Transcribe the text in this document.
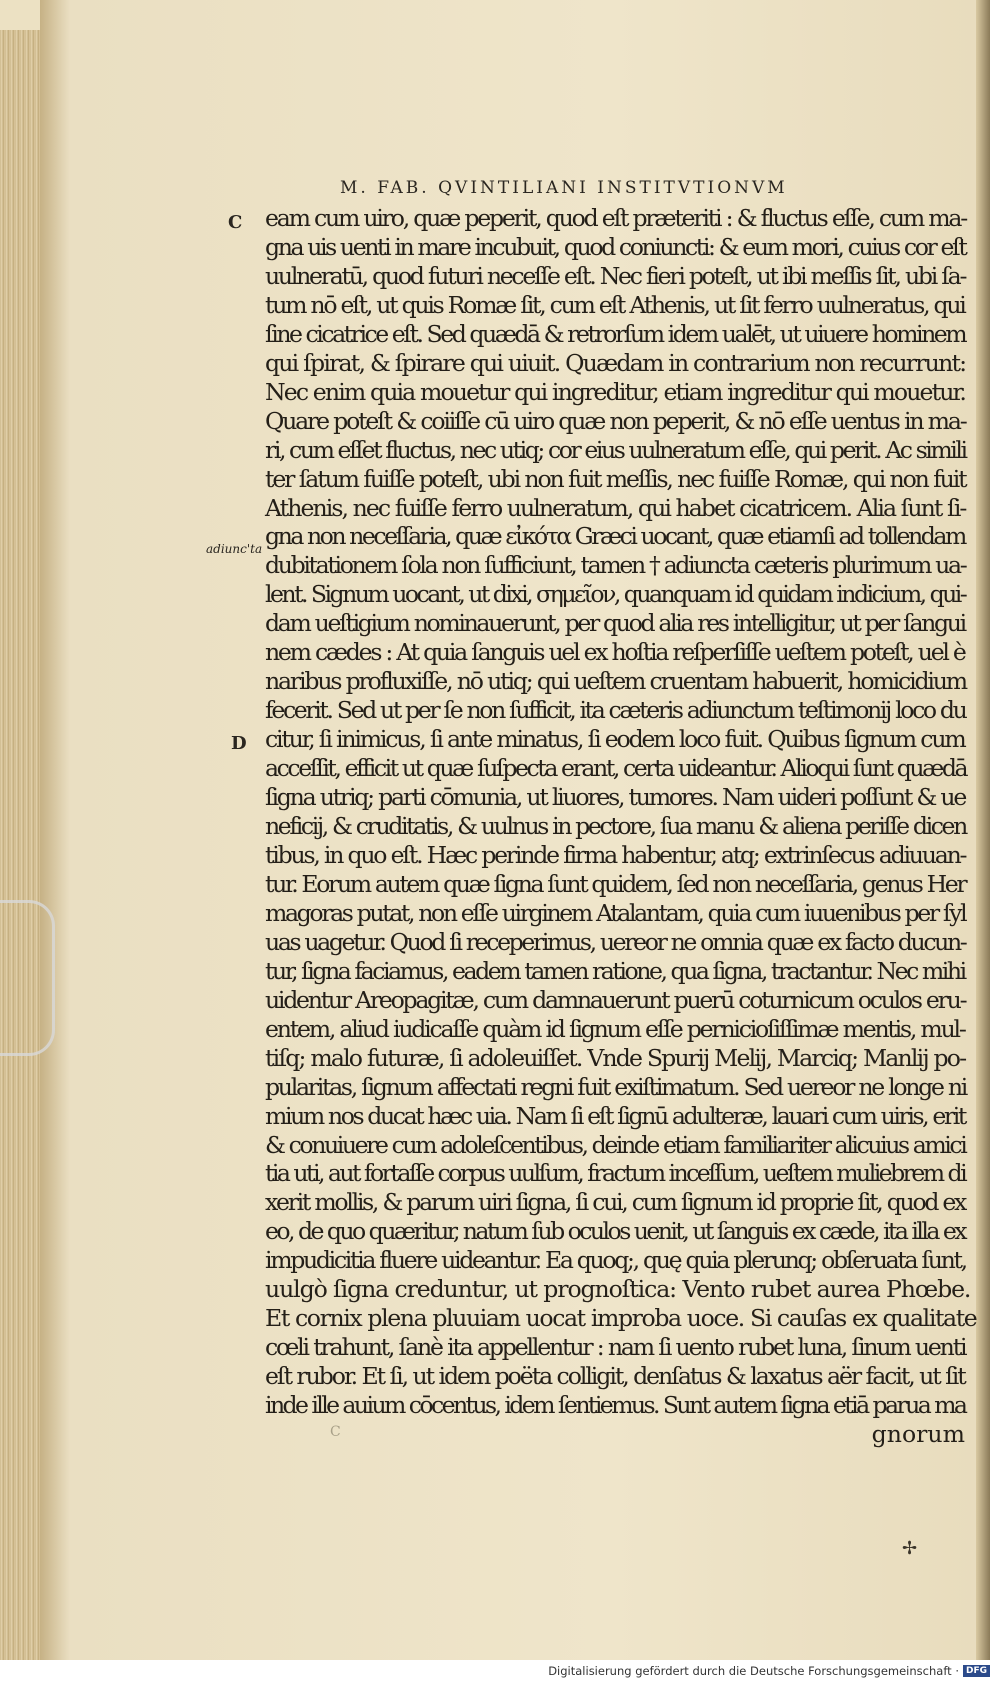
M. FAB. QVINTILIANI INSTITVTIONVM
C
D
adiunc'ta
eam cum uiro, quæ peperit, quod eſt præteriti : & fluctus eſſe, cum ma-
gna uis uenti in mare incubuit, quod coniuncti: & eum mori, cuius cor eſt
uulneratū, quod futuri neceſſe eſt. Nec fieri poteſt, ut ibi meſſis ſit, ubi ſa-
tum nō eſt, ut quis Romæ ſit, cum eſt Athenis, ut ſit ferro uulneratus, qui
ſine cicatrice eſt. Sed quædā & retrorſum idem ualēt, ut uiuere hominem
qui ſpirat, & ſpirare qui uiuit. Quædam in contrarium non recurrunt:
Nec enim quia mouetur qui ingreditur, etiam ingreditur qui mouetur.
Quare poteſt & coiiſſe cū uiro quæ non peperit, & nō eſſe uentus in ma-
ri, cum eſſet fluctus, nec utiq; cor eius uulneratum eſſe, qui perit. Ac simili
ter ſatum fuiſſe poteſt, ubi non fuit meſſis, nec fuiſſe Romæ, qui non fuit
Athenis, nec fuiſſe ferro uulneratum, qui habet cicatricem. Alia ſunt ſi-
gna non neceſſaria, quæ εἰκότα Græci uocant, quæ etiamſi ad tollendam
dubitationem ſola non ſufficiunt, tamen † adiuncta cæteris plurimum ua-
lent. Signum uocant, ut dixi, σημεῖον, quanquam id quidam indicium, qui-
dam ueſtigium nominauerunt, per quod alia res intelligitur, ut per ſangui
nem cædes : At quia ſanguis uel ex hoſtia reſperſiſſe ueſtem poteſt, uel è
naribus profluxiſſe, nō utiq; qui ueſtem cruentam habuerit, homicidium
fecerit. Sed ut per ſe non ſufficit, ita cæteris adiunctum teſtimonij loco du
citur, ſi inimicus, ſi ante minatus, ſi eodem loco fuit. Quibus ſignum cum
acceſſit, efficit ut quæ ſuſpecta erant, certa uideantur. Alioqui ſunt quædā
ſigna utriq; parti cōmunia, ut liuores, tumores. Nam uideri poſſunt & ue
neficij, & cruditatis, & uulnus in pectore, ſua manu & aliena periſſe dicen
tibus, in quo eſt. Hæc perinde firma habentur, atq; extrinſecus adiuuan-
tur. Eorum autem quæ ſigna ſunt quidem, ſed non neceſſaria, genus Her
magoras putat, non eſſe uirginem Atalantam, quia cum iuuenibus per ſyl
uas uagetur. Quod ſi receperimus, uereor ne omnia quæ ex facto ducun-
tur, ſigna faciamus, eadem tamen ratione, qua ſigna, tractantur. Nec mihi
uidentur Areopagitæ, cum damnauerunt puerū coturnicum oculos eru-
entem, aliud iudicaſſe quàm id ſignum eſſe pernicioſiſſimæ mentis, mul-
tiſq; malo futuræ, ſi adoleuiſſet. Vnde Spurij Melij, Marciq; Manlij po-
pularitas, ſignum affectati regni fuit exiſtimatum. Sed uereor ne longe ni
mium nos ducat hæc uia. Nam ſi eſt ſignū adulteræ, lauari cum uiris, erit
& conuiuere cum adoleſcentibus, deinde etiam familiariter alicuius amici
tia uti, aut fortaſſe corpus uulſum, fractum inceſſum, ueſtem muliebrem di
xerit mollis, & parum uiri ſigna, ſi cui, cum ſignum id proprie ſit, quod ex
eo, de quo quæritur, natum ſub oculos uenit, ut ſanguis ex cæde, ita illa ex
impudicitia fluere uideantur. Ea quoq;, quę quia plerunq; obſeruata ſunt,
uulgò ſigna creduntur, ut prognoſtica: Vento rubet aurea Phœbe.
Et cornix plena pluuiam uocat improba uoce. Si cauſas ex qualitate
cœli trahunt, ſanè ita appellentur : nam ſi uento rubet luna, ſinum uenti
eſt rubor. Et ſi, ut idem poëta colligit, denſatus & laxatus aër facit, ut ſit
inde ille auium cōcentus, idem ſentiemus. Sunt autem ſigna etiā parua ma
gnorum
C
✢
Digitalisierung gefördert durch die Deutsche Forschungsgemeinschaft · DFG
